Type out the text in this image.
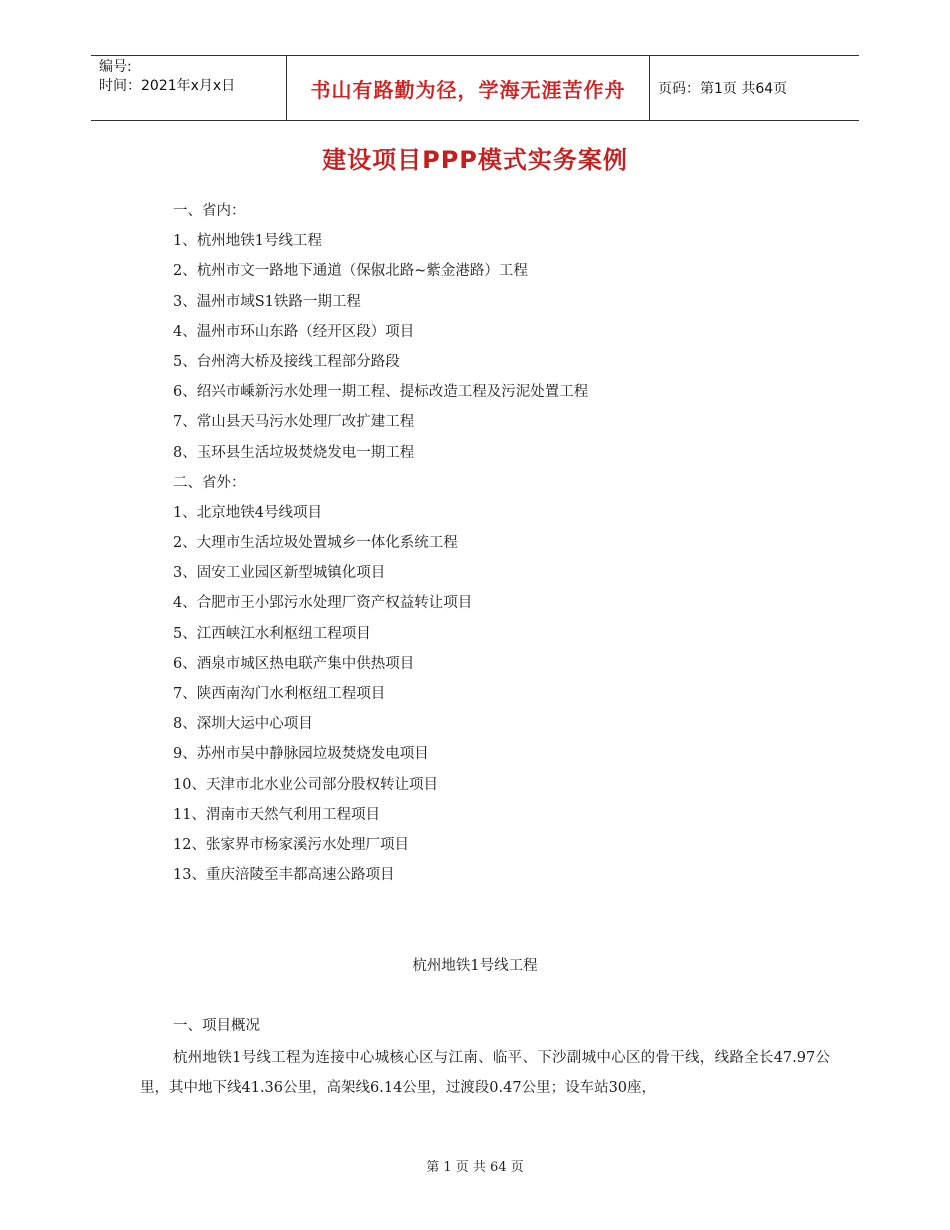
编号:
时间：2021年x月x日	书山有路勤为径，学海无涯苦作舟 页码：第1页 共64页
建设项目PPP模式实务案例
一、省内：
1、杭州地铁1号线工程
2、杭州市文一路地下通道（保俶北路~紫金港路）工程
3、温州市域S1铁路一期工程
4、温州市环山东路（经开区段）项目
5、台州湾大桥及接线工程部分路段
6、绍兴市嵊新污水处理一期工程、提标改造工程及污泥处置工程
7、常山县天马污水处理厂改扩建工程
8、玉环县生活垃圾焚烧发电一期工程
二、省外：
1、北京地铁4号线项目
2、大理市生活垃圾处置城乡一体化系统工程
3、固安工业园区新型城镇化项目
4、合肥市王小郢污水处理厂资产权益转让项目
5、江西峡江水利枢纽工程项目
6、酒泉市城区热电联产集中供热项目
7、陕西南沟门水利枢纽工程项目
8、深圳大运中心项目
9、苏州市吴中静脉园垃圾焚烧发电项目
10、天津市北水业公司部分股权转让项目
11、渭南市天然气利用工程项目
12、张家界市杨家溪污水处理厂项目
13、重庆涪陵至丰都高速公路项目
杭州地铁1号线工程
一、项目概况
杭州地铁1号线工程为连接中心城核心区与江南、临平、下沙副城中心区的骨干线，线路全长47.97公里，其中地下线41.36公里，高架线6.14公里，过渡段0.47公里；设车站30座，
第 1 页 共 64 页
